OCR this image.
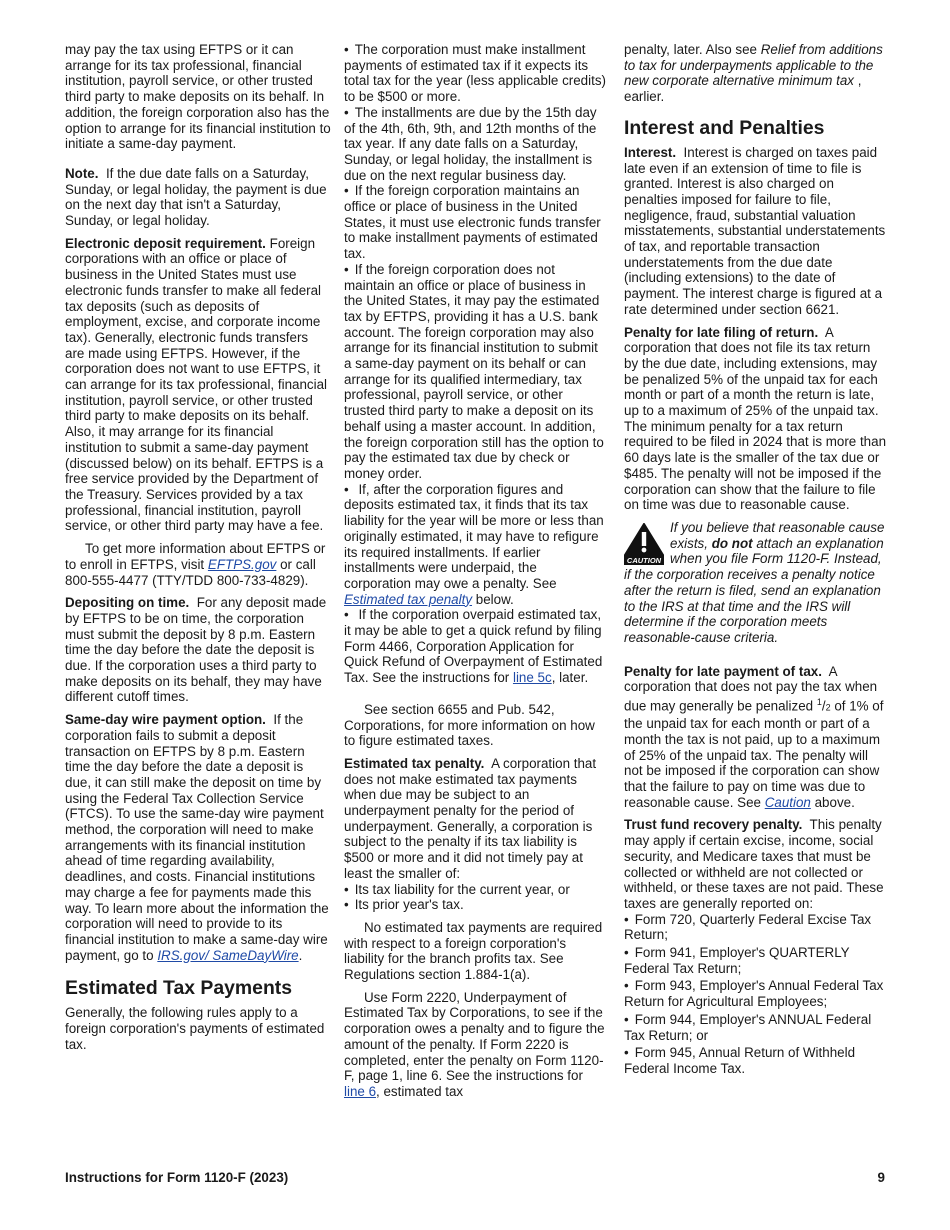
may pay the tax using EFTPS or it can arrange for its tax professional, financial institution, payroll service, or other trusted third party to make deposits on its behalf. In addition, the foreign corporation also has the option to arrange for its financial institution to initiate a same-day payment.

Note. If the due date falls on a Saturday, Sunday, or legal holiday, the payment is due on the next day that isn't a Saturday, Sunday, or legal holiday.

Electronic deposit requirement. Foreign corporations with an office or place of business in the United States must use electronic funds transfer to make all federal tax deposits (such as deposits of employment, excise, and corporate income tax). Generally, electronic funds transfers are made using EFTPS. However, if the corporation does not want to use EFTPS, it can arrange for its tax professional, financial institution, payroll service, or other trusted third party to make deposits on its behalf. Also, it may arrange for its financial institution to submit a same-day payment (discussed below) on its behalf. EFTPS is a free service provided by the Department of the Treasury. Services provided by a tax professional, financial institution, payroll service, or other third party may have a fee.

To get more information about EFTPS or to enroll in EFTPS, visit EFTPS.gov or call 800-555-4477 (TTY/TDD 800-733-4829).

Depositing on time. For any deposit made by EFTPS to be on time, the corporation must submit the deposit by 8 p.m. Eastern time the day before the date the deposit is due. If the corporation uses a third party to make deposits on its behalf, they may have different cutoff times.

Same-day wire payment option. If the corporation fails to submit a deposit transaction on EFTPS by 8 p.m. Eastern time the day before the date a deposit is due, it can still make the deposit on time by using the Federal Tax Collection Service (FTCS). To use the same-day wire payment method, the corporation will need to make arrangements with its financial institution ahead of time regarding availability, deadlines, and costs. Financial institutions may charge a fee for payments made this way. To learn more about the information the corporation will need to provide to its financial institution to make a same-day wire payment, go to IRS.gov/ SameDayWire.

Estimated Tax Payments

Generally, the following rules apply to a foreign corporation's payments of estimated tax.

• The corporation must make installment payments of estimated tax if it expects its total tax for the year (less applicable credits) to be $500 or more.

• The installments are due by the 15th day of the 4th, 6th, 9th, and 12th months of the tax year. If any date falls on a Saturday, Sunday, or legal holiday, the installment is due on the next regular business day.

• If the foreign corporation maintains an office or place of business in the United States, it must use electronic funds transfer to make installment payments of estimated tax.

• If the foreign corporation does not maintain an office or place of business in the United States, it may pay the estimated tax by EFTPS, providing it has a U.S. bank account. The foreign corporation may also arrange for its financial institution to submit a same-day payment on its behalf or can arrange for its qualified intermediary, tax professional, payroll service, or other trusted third party to make a deposit on its behalf using a master account. In addition, the foreign corporation still has the option to pay the estimated tax due by check or money order.

• If, after the corporation figures and deposits estimated tax, it finds that its tax liability for the year will be more or less than originally estimated, it may have to refigure its required installments. If earlier installments were underpaid, the corporation may owe a penalty. See Estimated tax penalty below.

• If the corporation overpaid estimated tax, it may be able to get a quick refund by filing Form 4466, Corporation Application for Quick Refund of Overpayment of Estimated Tax. See the instructions for line 5c, later.

See section 6655 and Pub. 542, Corporations, for more information on how to figure estimated taxes.

Estimated tax penalty. A corporation that does not make estimated tax payments when due may be subject to an underpayment penalty for the period of underpayment. Generally, a corporation is subject to the penalty if its tax liability is $500 or more and it did not timely pay at least the smaller of:

• Its tax liability for the current year, or

• Its prior year's tax.

No estimated tax payments are required with respect to a foreign corporation's liability for the branch profits tax. See Regulations section 1.884-1(a).

Use Form 2220, Underpayment of Estimated Tax by Corporations, to see if the corporation owes a penalty and to figure the amount of the penalty. If Form 2220 is completed, enter the penalty on Form 1120-F, page 1, line 6. See the instructions for line 6, estimated tax

penalty, later. Also see Relief from additions to tax for underpayments applicable to the new corporate alternative minimum tax , earlier.

Interest and Penalties

Interest. Interest is charged on taxes paid late even if an extension of time to file is granted. Interest is also charged on penalties imposed for failure to file, negligence, fraud, substantial valuation misstatements, substantial understatements of tax, and reportable transaction understatements from the due date (including extensions) to the date of payment. The interest charge is figured at a rate determined under section 6621.

Penalty for late filing of return. A corporation that does not file its tax return by the due date, including extensions, may be penalized 5% of the unpaid tax for each month or part of a month the return is late, up to a maximum of 25% of the unpaid tax. The minimum penalty for a tax return required to be filed in 2024 that is more than 60 days late is the smaller of the tax due or $485. The penalty will not be imposed if the corporation can show that the failure to file on time was due to reasonable cause.

CAUTION
If you believe that reasonable cause exists, do not attach an explanation when you file Form 1120-F. Instead, if the corporation receives a penalty notice after the return is filed, send an explanation to the IRS at that time and the IRS will determine if the corporation meets reasonable-cause criteria.

Penalty for late payment of tax. A corporation that does not pay the tax when due may generally be penalized $^1$/2 of 1% of the unpaid tax for each month or part of a month the tax is not paid, up to a maximum of 25% of the unpaid tax. The penalty will not be imposed if the corporation can show that the failure to pay on time was due to reasonable cause. See Caution above.

Trust fund recovery penalty. This penalty may apply if certain excise, income, social security, and Medicare taxes that must be collected or withheld are not collected or withheld, or these taxes are not paid. These taxes are generally reported on:

• Form 720, Quarterly Federal Excise Tax Return;

• Form 941, Employer's QUARTERLY Federal Tax Return;

• Form 943, Employer's Annual Federal Tax Return for Agricultural Employees;

• Form 944, Employer's ANNUAL Federal Tax Return; or

• Form 945, Annual Return of Withheld Federal Income Tax.

Instructions for Form 1120-F (2023)	9
